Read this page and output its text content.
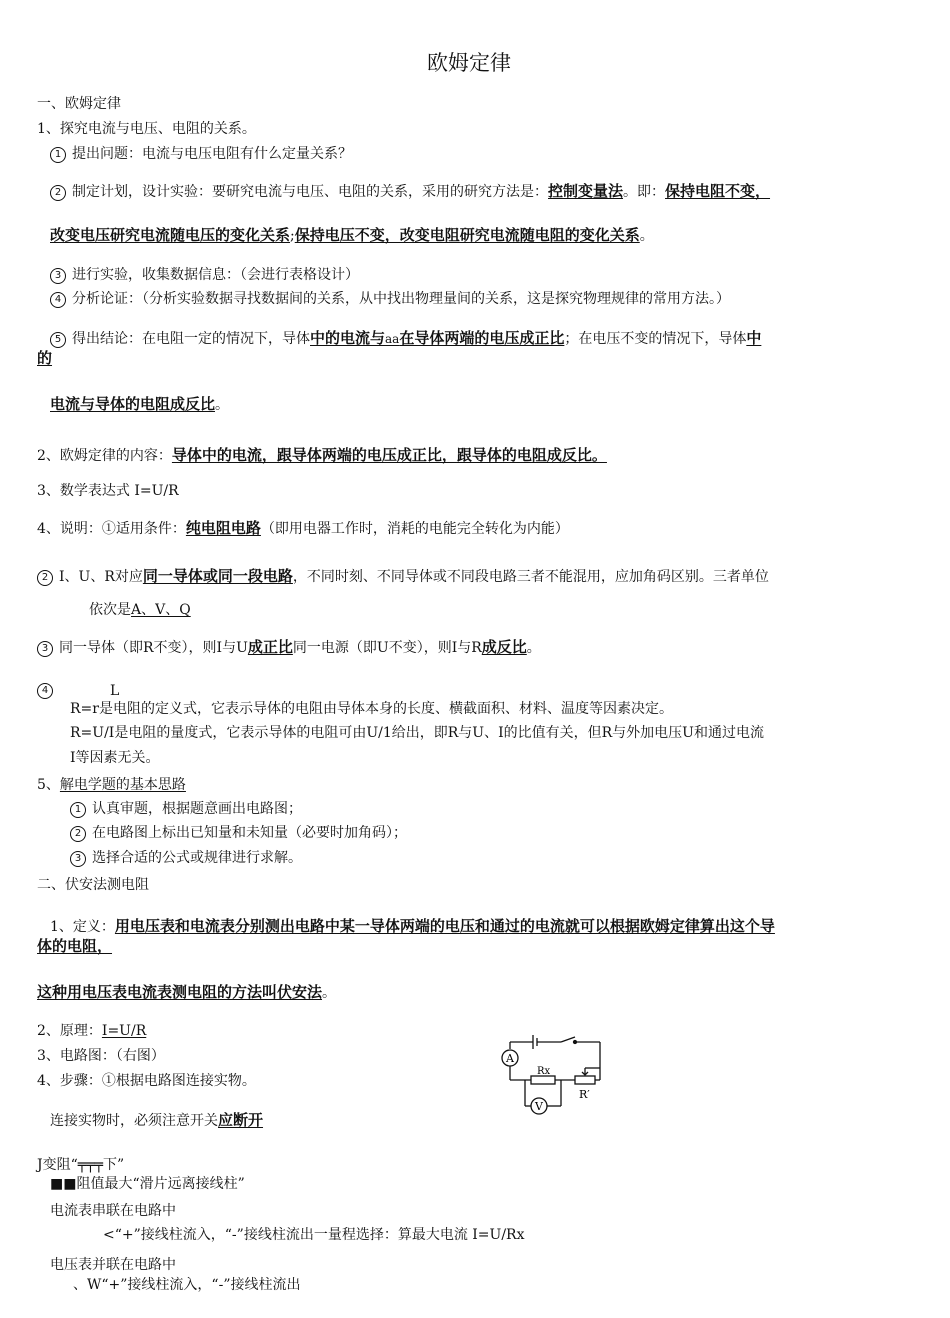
欧姆定律
一、欧姆定律
1、探究电流与电压、电阻的关系。
1 提出问题：电流与电压电阻有什么定量关系？
2 制定计划，设计实验：要研究电流与电压、电阻的关系，采用的研究方法是：控制变量法。即：保持电阻不变，
改变电压研究电流随电压的变化关系;保持电压不变，改变电阻研究电流随电阻的变化关系。
3 进行实验，收集数据信息：（会进行表格设计）
4 分析论证：（分析实验数据寻找数据间的关系，从中找出物理量间的关系，这是探究物理规律的常用方法。）
5 得出结论：在电阻一定的情况下，导体中的电流与aa在导体两端的电压成正比；在电压不变的情况下，导体中
的
电流与导体的电阻成反比。
2、欧姆定律的内容：导体中的电流，跟导体两端的电压成正比，跟导体的电阻成反比。
3、数学表达式 I=U/R
4、说明：①适用条件：纯电阻电路（即用电器工作时，消耗的电能完全转化为内能）
2 I、U、R对应同一导体或同一段电路，不同时刻、不同导体或不同段电路三者不能混用，应加角码区别。三者单位
依次是A、V、Q
3 同一导体（即R不变），则I与U成正比同一电源（即U不变），则I与R成反比。
4	L
R=r是电阻的定义式，它表示导体的电阻由导体本身的长度、横截面积、材料、温度等因素决定。
R=U/I是电阻的量度式，它表示导体的电阻可由U/1给出，即R与U、I的比值有关，但R与外加电压U和通过电流
I等因素无关。
5、解电学题的基本思路
1 认真审题，根据题意画出电路图；
2 在电路图上标出已知量和未知量（必要时加角码）；
3 选择合适的公式或规律进行求解。
二、伏安法测电阻
1、定义：用电压表和电流表分别测出电路中某一导体两端的电压和通过的电流就可以根据欧姆定律算出这个导
体的电阻，
这种用电压表电流表测电阻的方法叫伏安法。
2、原理：I=U/R
3、电路图：（右图）
4、步骤：①根据电路图连接实物。
连接实物时，必须注意开关应断开
J变阻“╤╤╤下”
■■阻值最大“滑片远离接线柱”
电流表串联在电路中
<“+”接线柱流入，“-”接线柱流出一量程选择：算最大电流 I=U/Rx
电压表并联在电路中
、W“+”接线柱流入，“-”接线柱流出
A
V
Rx
R′
